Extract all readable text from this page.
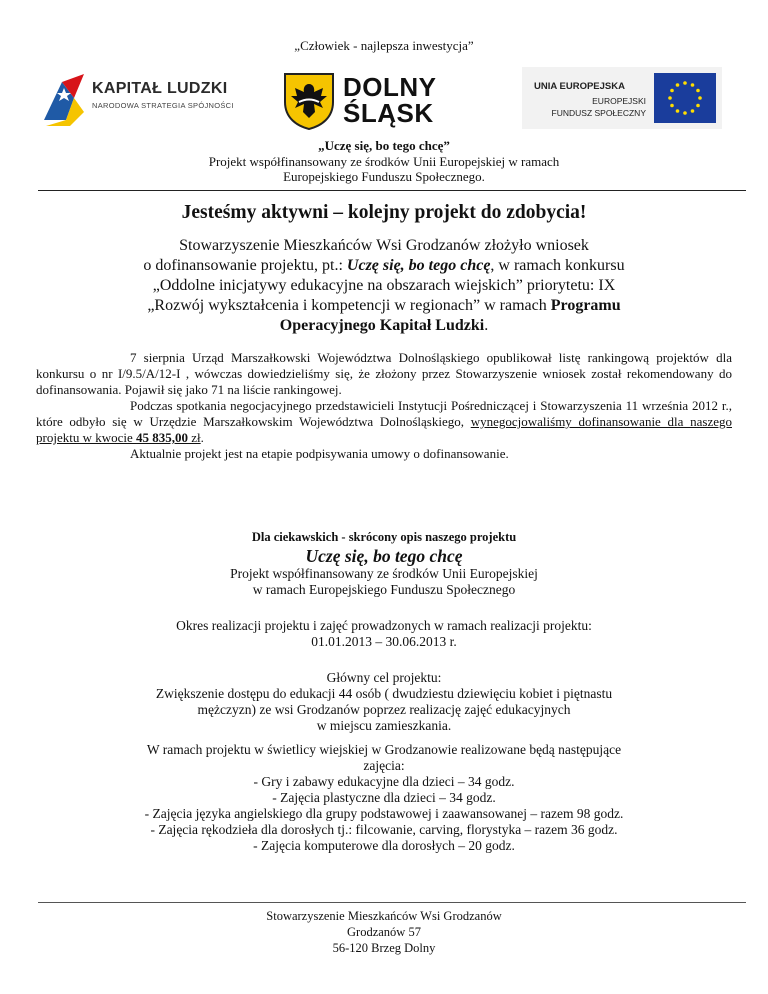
„Człowiek - najlepsza inwestycja”
KAPITAŁ LUDZKI
NARODOWA STRATEGIA SPÓJNOŚCI
DOLNY
ŚLĄSK
UNIA EUROPEJSKA
EUROPEJSKI
FUNDUSZ SPOŁECZNY
„Uczę się, bo tego chcę”
Projekt współfinansowany ze środków Unii Europejskiej w ramach
Europejskiego Funduszu Społecznego.
Jesteśmy aktywni – kolejny projekt do zdobycia!
Stowarzyszenie Mieszkańców Wsi Grodzanów złożyło wniosek
o dofinansowanie projektu, pt.: Uczę się, bo tego chcę, w ramach konkursu
„Oddolne inicjatywy edukacyjne na obszarach wiejskich” priorytetu: IX
„Rozwój wykształcenia i kompetencji w regionach” w ramach Programu
Operacyjnego Kapitał Ludzki.

7 sierpnia Urząd Marszałkowski Województwa Dolnośląskiego opublikował listę rankingową projektów dla konkursu o nr I/9.5/A/12-I , wówczas dowiedzieliśmy się, że złożony przez Stowarzyszenie wniosek został rekomendowany do dofinansowania. Pojawił się jako 71 na liście rankingowej.

Podczas spotkania negocjacyjnego przedstawicieli Instytucji Pośredniczącej i Stowarzyszenia 11 września 2012 r., które odbyło się w Urzędzie Marszałkowskim Województwa Dolnośląskiego, wynegocjowaliśmy dofinansowanie dla naszego projektu w kwocie 45 835,00 zł.

Aktualnie projekt jest na etapie podpisywania umowy o dofinansowanie.

Dla ciekawskich - skrócony opis naszego projektu
Uczę się, bo tego chcę
Projekt współfinansowany ze środków Unii Europejskiej
w ramach Europejskiego Funduszu Społecznego
Okres realizacji projektu i zajęć prowadzonych w ramach realizacji projektu:
01.01.2013 – 30.06.2013 r.
Główny cel projektu:
Zwiększenie dostępu do edukacji 44 osób ( dwudziestu dziewięciu kobiet i piętnastu
mężczyzn) ze wsi Grodzanów poprzez realizację zajęć edukacyjnych
w miejscu zamieszkania.
W ramach projektu w świetlicy wiejskiej w Grodzanowie realizowane będą następujące
zajęcia:
- Gry i zabawy edukacyjne dla dzieci – 34 godz.
- Zajęcia plastyczne dla dzieci – 34 godz.
- Zajęcia języka angielskiego dla grupy podstawowej i zaawansowanej – razem 98 godz.
- Zajęcia rękodzieła dla dorosłych tj.: filcowanie, carving, florystyka – razem 36 godz.
- Zajęcia komputerowe dla dorosłych – 20 godz.
Stowarzyszenie Mieszkańców Wsi Grodzanów
Grodzanów 57
56-120 Brzeg Dolny
